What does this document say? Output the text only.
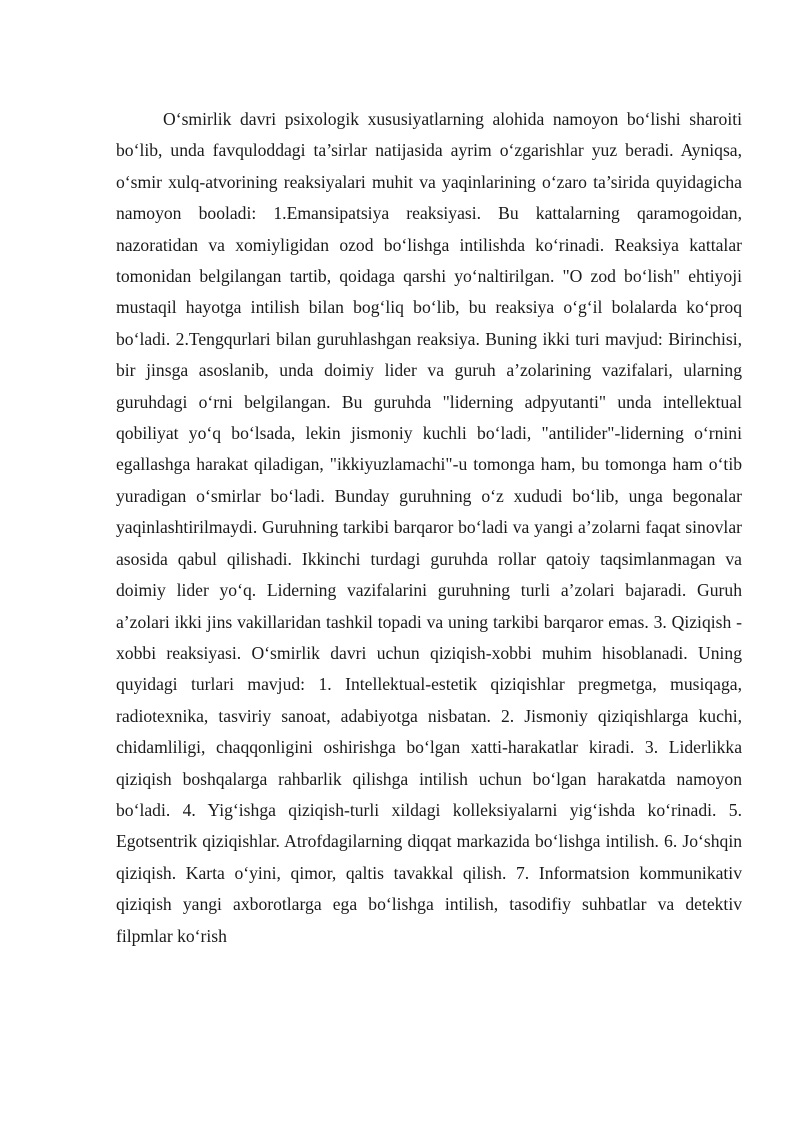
O‘smirlik davri psixologik xususiyatlarning alohida namoyon bo‘lishi sharoiti bo‘lib, unda favquloddagi ta’sirlar natijasida ayrim o‘zgarishlar yuz beradi. Ayniqsa, o‘smir xulq-atvorining reaksiyalari muhit va yaqinlarining o‘zaro ta’sirida quyidagicha namoyon booladi: 1.Emansipatsiya reaksiyasi. Bu kattalarning qaramogoidan, nazoratidan va xomiyligidan ozod bo‘lishga intilishda ko‘rinadi. Reaksiya kattalar tomonidan belgilangan tartib, qoidaga qarshi yo‘naltirilgan. "O zod bo‘lish" ehtiyoji mustaqil hayotga intilish bilan bog‘liq bo‘lib, bu reaksiya o‘g‘il bolalarda ko‘proq bo‘ladi. 2.Tengqurlari bilan guruhlashgan reaksiya. Buning ikki turi mavjud: Birinchisi, bir jinsga asoslanib, unda doimiy lider va guruh a’zolarining vazifalari, ularning guruhdagi o‘rni belgilangan. Bu guruhda "liderning adpyutanti" unda intellektual qobiliyat yo‘q bo‘lsada, lekin jismoniy kuchli bo‘ladi, "antilider"-liderning o‘rnini egallashga harakat qiladigan, "ikkiyuzlamachi"-u tomonga ham, bu tomonga ham o‘tib yuradigan o‘smirlar bo‘ladi. Bunday guruhning o‘z xududi bo‘lib, unga begonalar yaqinlashtirilmaydi. Guruhning tarkibi barqaror bo‘ladi va yangi a’zolarni faqat sinovlar asosida qabul qilishadi. Ikkinchi turdagi guruhda rollar qatoiy taqsimlanmagan va doimiy lider yo‘q. Liderning vazifalarini guruhning turli a’zolari bajaradi. Guruh a’zolari ikki jins vakillaridan tashkil topadi va uning tarkibi barqaror emas. 3. Qiziqish - xobbi reaksiyasi. O‘smirlik davri uchun qiziqish-xobbi muhim hisoblanadi. Uning quyidagi turlari mavjud: 1. Intellektual-estetik qiziqishlar pregmetga, musiqaga, radiotexnika, tasviriy sanoat, adabiyotga nisbatan. 2. Jismoniy qiziqishlarga kuchi, chidamliligi, chaqqonligini oshirishga bo‘lgan xatti-harakatlar kiradi. 3. Liderlikka qiziqish boshqalarga rahbarlik qilishga intilish uchun bo‘lgan harakatda namoyon bo‘ladi. 4. Yig‘ishga qiziqish-turli xildagi kolleksiyalarni yig‘ishda ko‘rinadi. 5. Egotsentrik qiziqishlar. Atrofdagilarning diqqat markazida bo‘lishga intilish. 6. Jo‘shqin qiziqish. Karta o‘yini, qimor, qaltis tavakkal qilish. 7. Informatsion kommunikativ qiziqish yangi axborotlarga ega bo‘lishga intilish, tasodifiy suhbatlar va detektiv filpmlar ko‘rish
